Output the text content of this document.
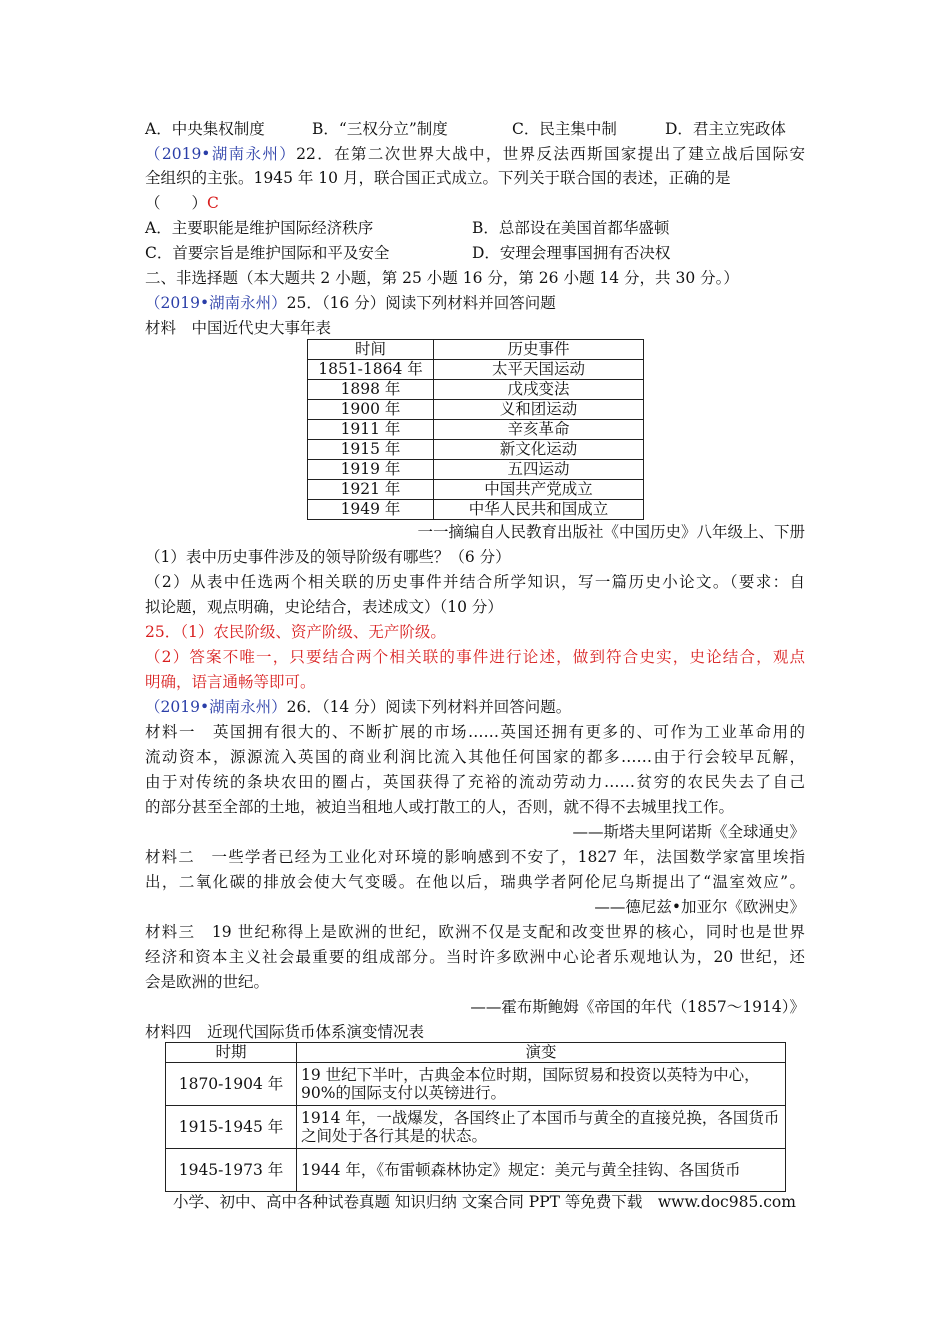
A．中央集权制度	B．“三权分立”制度	C．民主集中制	D．君主立宪政体
（2019•湖南永州）22．在第二次世界大战中，世界反法西斯国家提出了建立战后国际安
全组织的主张。1945 年 10 月，联合国正式成立。下列关于联合国的表述，正确的是
（　　）C
A．主要职能是维护国际经济秩序	B．总部设在美国首都华盛顿
C．首要宗旨是维护国际和平及安全	D．安理会理事国拥有否决权
二、非选择题（本大题共 2 小题，第 25 小题 16 分，第 26 小题 14 分，共 30 分。）
（2019•湖南永州）25．（16 分）阅读下列材料并回答问题
材料　中国近代史大事年表
时间	历史事件
1851-1864 年	太平天国运动
1898 年	戊戌变法
1900 年	义和团运动
1911 年	辛亥革命
1915 年	新文化运动
1919 年	五四运动
1921 年	中国共产党成立
1949 年	中华人民共和国成立
一一摘编自人民教育出版社《中国历史》八年级上、下册
（1）表中历史事件涉及的领导阶级有哪些？（6 分）
（2）从表中任选两个相关联的历史事件并结合所学知识，写一篇历史小论文。（要求：自
拟论题，观点明确，史论结合，表述成文）（10 分）
25．（1）农民阶级、资产阶级、无产阶级。
（2）答案不唯一，只要结合两个相关联的事件进行论述，做到符合史实，史论结合，观点
明确，语言通畅等即可。
（2019•湖南永州）26．（14 分）阅读下列材料并回答问题。
材料一　英国拥有很大的、不断扩展的市场……英国还拥有更多的、可作为工业革命用的
流动资本，源源流入英国的商业利润比流入其他任何国家的都多……由于行会较早瓦解，
由于对传统的条块农田的圈占，英国获得了充裕的流动劳动力……贫穷的农民失去了自己
的部分甚至全部的土地，被迫当租地人或打散工的人，否则，就不得不去城里找工作。
——斯塔夫里阿诺斯《全球通史》
材料二　一些学者已经为工业化对环境的影响感到不安了，1827 年，法国数学家富里埃指
出，二氧化碳的排放会使大气变暖。在他以后，瑞典学者阿伦尼乌斯提出了“温室效应”。
——德尼兹•加亚尔《欧洲史》
材料三　19 世纪称得上是欧洲的世纪，欧洲不仅是支配和改变世界的核心，同时也是世界
经济和资本主义社会最重要的组成部分。当时许多欧洲中心论者乐观地认为，20 世纪，还
会是欧洲的世纪。
——霍布斯鲍姆《帝国的年代（1857～1914）》
材料四　近现代国际货币体系演变情况表
时期	演变
1870-1904 年	19 世纪下半叶，古典金本位时期，国际贸易和投资以英特为中心，90%的国际支付以英镑进行。
1915-1945 年	1914 年，一战爆发，各国终止了本国币与黄全的直接兑换，各国货币之间处于各行其是的状态。
1945-1973 年	1944 年，《布雷顿森林协定》规定：美元与黄全挂钩、各国货币
小学、初中、高中各种试卷真题 知识归纳 文案合同 PPT 等免费下载　www.doc985.com
